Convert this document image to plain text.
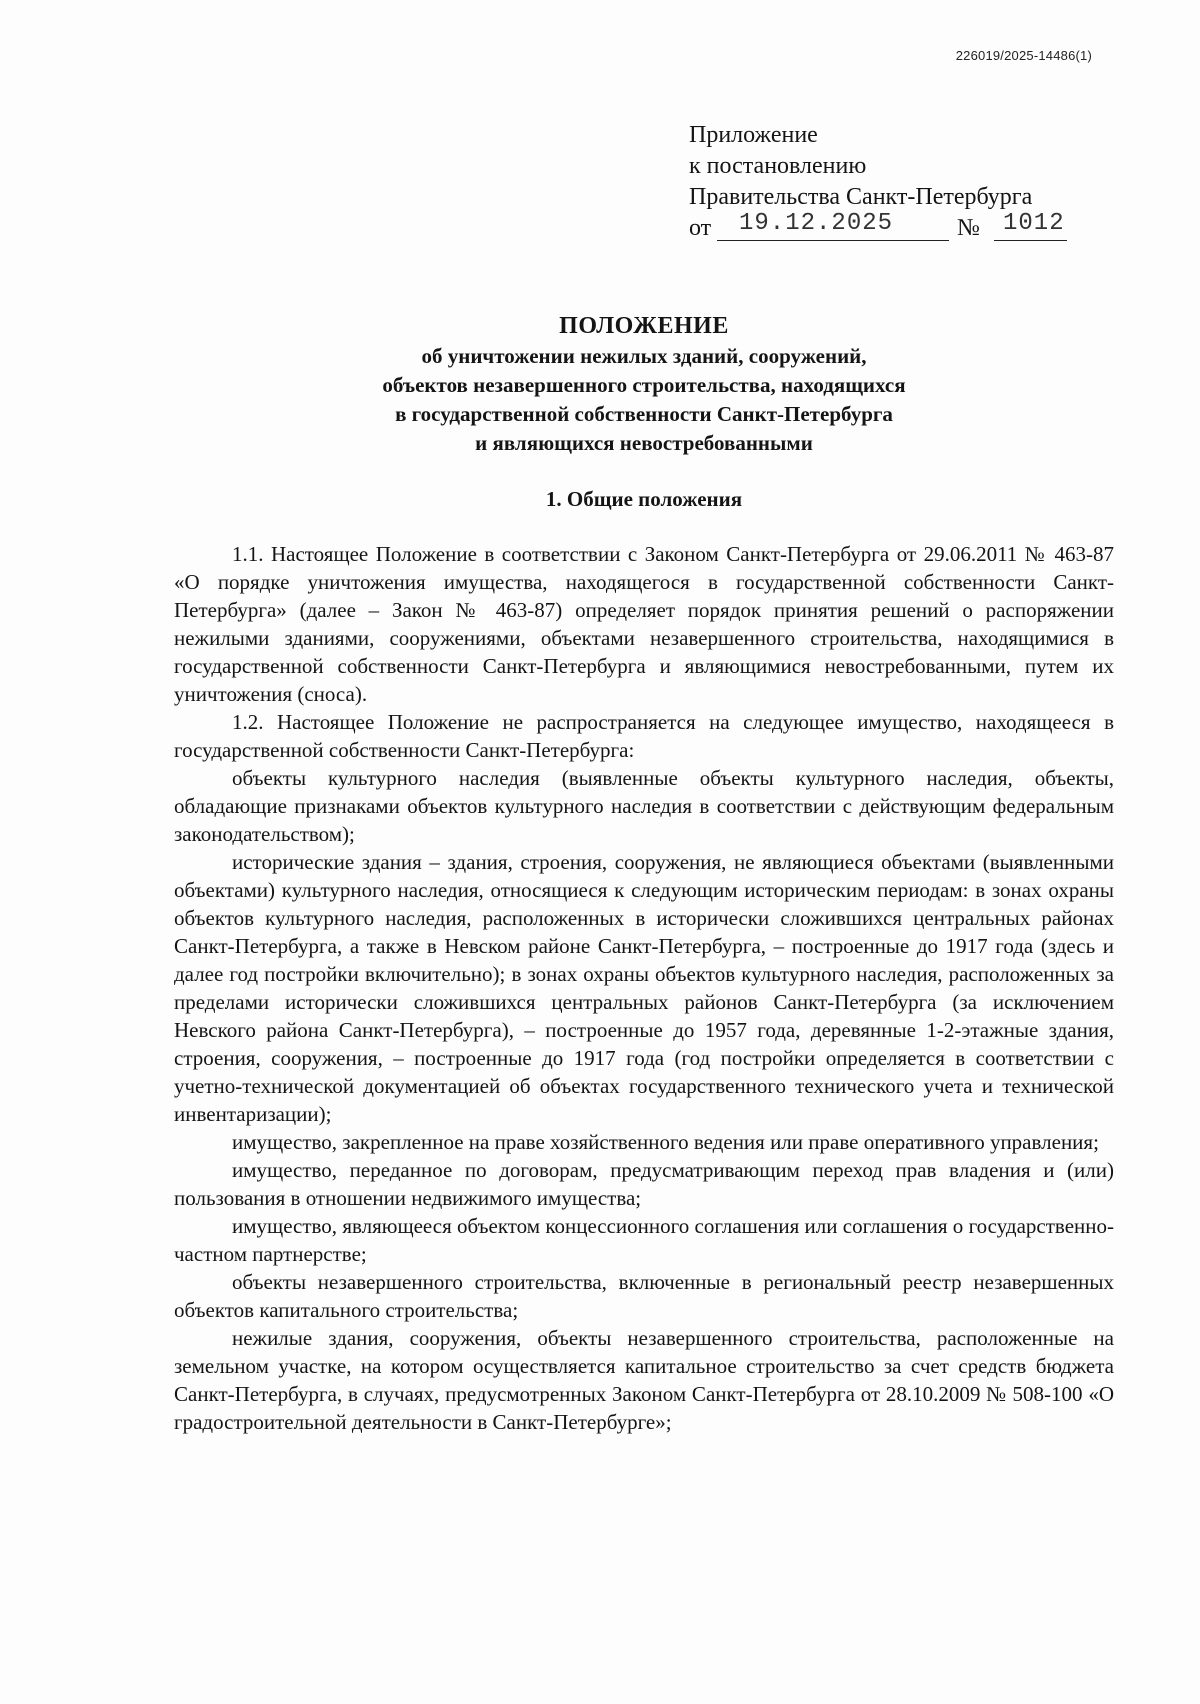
226019/2025-14486(1)
Приложение
к постановлению
Правительства Санкт-Петербурга
от 19.12.2025	№ 1012
ПОЛОЖЕНИЕ
об уничтожении нежилых зданий, сооружений,
объектов незавершенного строительства, находящихся
в государственной собственности Санкт-Петербурга
и являющихся невостребованными
1. Общие положения

1.1. Настоящее Положение в соответствии с Законом Санкт-Петербурга от 29.06.2011 № 463-87 «О порядке уничтожения имущества, находящегося в государственной собственности Санкт-Петербурга» (далее – Закон № 463-87) определяет порядок принятия решений о распоряжении нежилыми зданиями, сооружениями, объектами незавершенного строительства, находящимися в государственной собственности Санкт-Петербурга и являющимися невостребованными, путем их уничтожения (сноса).

1.2. Настоящее Положение не распространяется на следующее имущество, находящееся в государственной собственности Санкт-Петербурга:

объекты культурного наследия (выявленные объекты культурного наследия, объекты, обладающие признаками объектов культурного наследия в соответствии с действующим федеральным законодательством);

исторические здания – здания, строения, сооружения, не являющиеся объектами (выявленными объектами) культурного наследия, относящиеся к следующим историческим периодам: в зонах охраны объектов культурного наследия, расположенных в исторически сложившихся центральных районах Санкт-Петербурга, а также в Невском районе Санкт-Петербурга, – построенные до 1917 года (здесь и далее год постройки включительно); в зонах охраны объектов культурного наследия, расположенных за пределами исторически сложившихся центральных районов Санкт-Петербурга (за исключением Невского района Санкт-Петербурга), – построенные до 1957 года, деревянные 1-2-этажные здания, строения, сооружения, – построенные до 1917 года (год постройки определяется в соответствии с учетно-технической документацией об объектах государственного технического учета и технической инвентаризации);

имущество, закрепленное на праве хозяйственного ведения или праве оперативного управления;

имущество, переданное по договорам, предусматривающим переход прав владения и (или) пользования в отношении недвижимого имущества;

имущество, являющееся объектом концессионного соглашения или соглашения о государственно-частном партнерстве;

объекты незавершенного строительства, включенные в региональный реестр незавершенных объектов капитального строительства;

нежилые здания, сооружения, объекты незавершенного строительства, расположенные на земельном участке, на котором осуществляется капитальное строительство за счет средств бюджета Санкт-Петербурга, в случаях, предусмотренных Законом Санкт-Петербурга от 28.10.2009 № 508-100 «О градостроительной деятельности в Санкт-Петербурге»;
